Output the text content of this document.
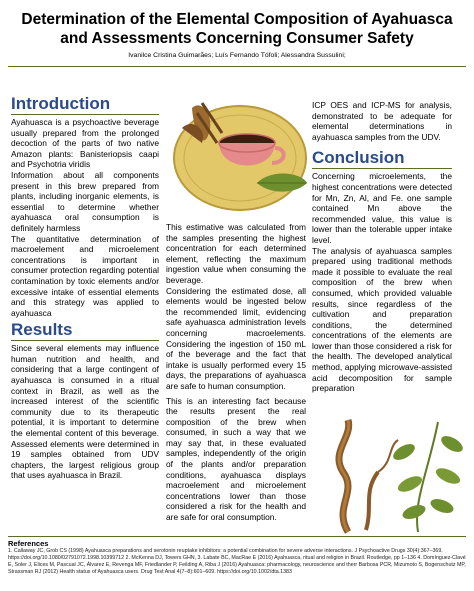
Determination of the Elemental Composition of Ayahuasca and Assessments Concerning Consumer Safety
Ivanilce Cristina Guimarães; Luís Fernando Tófoli; Alessandra Sussulini;
Introduction

Ayahuasca is a psychoactive beverage usually prepared from the prolonged decoction of the parts of two native Amazon plants: Banisteriopsis caapi and Psychotria viridis

Information about all components present in this brew prepared from plants, including inorganic elements, is essential to determine whether ayahuasca oral consumption is definitely harmless

The quantitative determination of macroelement and microelement concentrations is important in consumer protection regarding potential contamination by toxic elements and/or excessive intake of essential elements and this strategy was applied to ayahuasca

Results

Since several elements may influence human nutrition and health, and considering that a large contingent of ayahuasca is consumed in a ritual context in Brazil, as well as the increased interest of the scientific community due to its therapeutic potential, it is important to determine the elemental content of this beverage. Assessed elements were determined in 19 samples obtained from UDV chapters, the largest religious group that uses ayahuasca in Brazil.

This estimative was calculated from the samples presenting the highest concentration for each determined element, reflecting the maximum ingestion value when consuming the beverage.

Considering the estimated dose, all elements would be ingested below the recommended limit, evidencing safe ayahuasca administration levels concerning macroelements. Considering the ingestion of 150 mL of the beverage and the fact that intake is usually performed every 15 days, the preparations of ayahuasca are safe to human consumption.

This is an interesting fact because the results present the real composition of the brew when consumed, in such a way that we may say that, in these evaluated samples, independently of the origin of the plants and/or preparation conditions, ayahuasca displays macroelement and microelement concentrations lower than those considered a risk for the health and are safe for oral consumption.

ICP OES and ICP-MS for analysis, demonstrated to be adequate for elemental determinations in ayahuasca samples from the UDV.

Conclusion

Concerning microelements, the highest concentrations were detected for Mn, Zn, Al, and Fe. one sample contained Mn above the recommended value, this value is lower than the tolerable upper intake level.

The analysis of ayahuasca samples prepared using traditional methods made it possible to evaluate the real composition of the brew when consumed, which provided valuable results, since regardless of the cultivation and preparation conditions, the determined concentrations of the elements are lower than those considered a risk for the health. The developed analytical method, applying microwave-assisted acid decomposition for sample preparation

References
1. Callaway JC, Grob CS (1998) Ayahuasca preparations and serotonin reuptake inhibitors: a potential combination for severe adverse interactions. J Psychoactive Drugs 30(4):367–369. https://doi.org/10.1080/02791072.1998.10399712 2. McKenna DJ, Towers GHN, 3. Labate BC, MacRae E (2016) Ayahuasca, ritual and religion in Brazil. Routledge, pp 1–136 4. Domínguez-Clavé E, Soler J, Elices M, Pascual JC, Álvarez E, Revenga MF, Friedlander P, Feilding A, Riba J (2016) Ayahuasca: pharmacology, neuroscience and therr Barbosa PCR, Mizumoto S, Bogenschutz MP, Strassman RJ (2012) Health status of Ayahuasca users. Drug Test Anal 4(7–8):601–609. https://doi.org/10.1002/dta.1383
